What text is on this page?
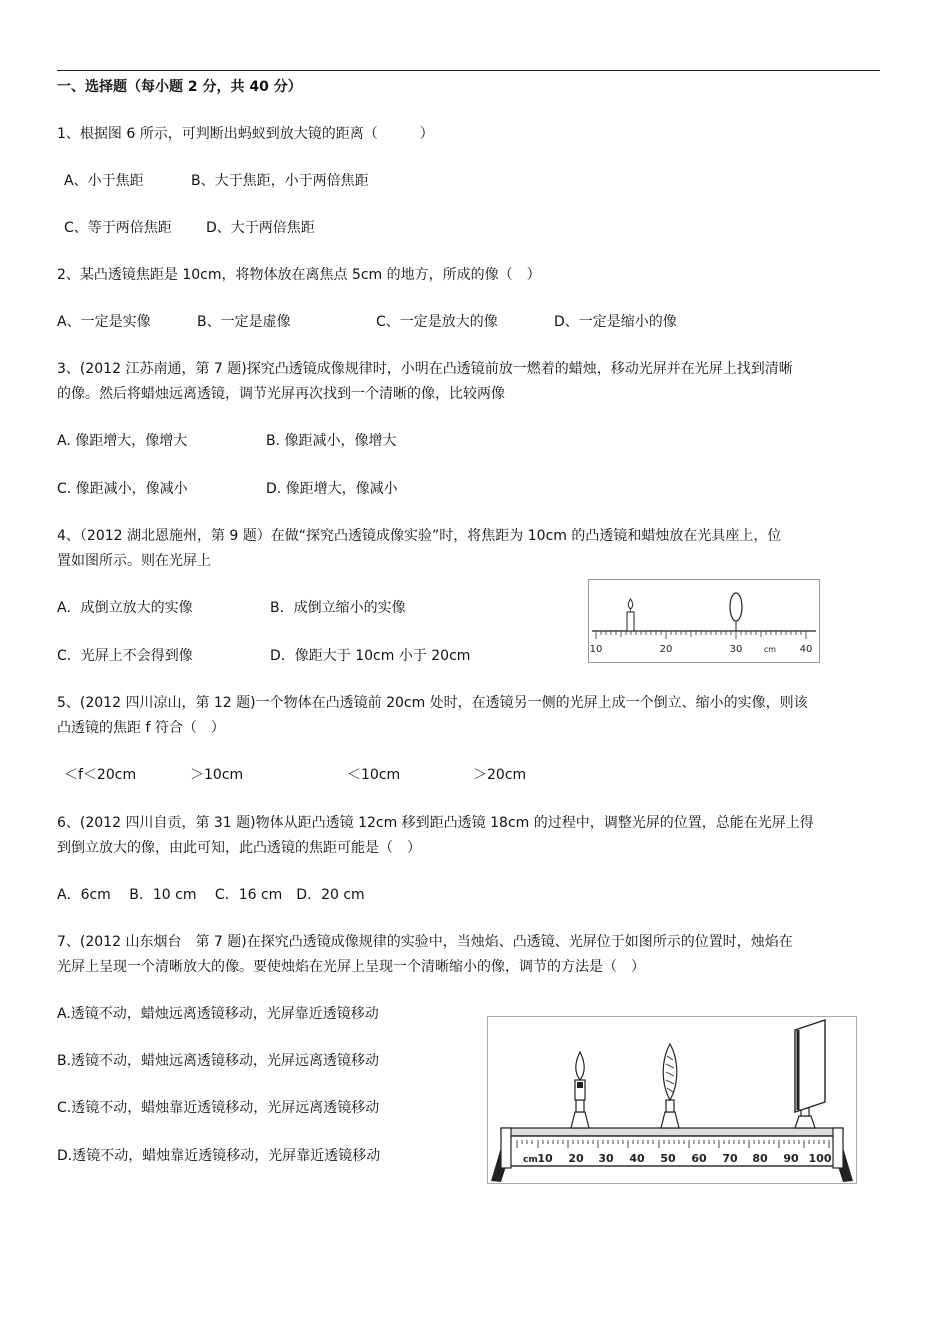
一、选择题（每小题 2 分，共 40 分）
1、根据图 6 所示，可判断出蚂蚁到放大镜的距离（　　　）
A、小于焦距	B、大于焦距，小于两倍焦距
C、等于两倍焦距 D、大于两倍焦距
2、某凸透镜焦距是 10cm，将物体放在离焦点 5cm 的地方，所成的像（　）
A、一定是实像	B、一定是虚像	C、一定是放大的像	D、一定是缩小的像
3、(2012 江苏南通，第 7 题)探究凸透镜成像规律时，小明在凸透镜前放一燃着的蜡烛，移动光屏并在光屏上找到清晰
的像。然后将蜡烛远离透镜，调节光屏再次找到一个清晰的像，比较两像
A. 像距增大，像增大	B. 像距减小，像增大
C. 像距减小，像减小	D. 像距增大，像减小
4、（2012 湖北恩施州，第 9 题）在做“探究凸透镜成像实验”时，将焦距为 10cm 的凸透镜和蜡烛放在光具座上，位
置如图所示。则在光屏上
A．成倒立放大的实像	B．成倒立缩小的实像
C．光屏上不会得到像	D．像距大于 10cm 小于 20cm	10	20	30	cm 40
5、(2012 四川凉山，第 12 题)一个物体在凸透镜前 20cm 处时，在透镜另一侧的光屏上成一个倒立、缩小的实像，则该
凸透镜的焦距 f 符合（　）
＜f＜20cm	＞10cm	＜10cm	＞20cm
6、(2012 四川自贡，第 31 题)物体从距凸透镜 12cm 移到距凸透镜 18cm 的过程中，调整光屏的位置，总能在光屏上得
到倒立放大的像，由此可知，此凸透镜的焦距可能是（　）
A．6cm　 B．10 cm　 C．16 cm　D．20 cm
7、(2012 山东烟台　第 7 题)在探究凸透镜成像规律的实验中，当烛焰、凸透镜、光屏位于如图所示的位置时，烛焰在
光屏上呈现一个清晰放大的像。要使烛焰在光屏上呈现一个清晰缩小的像，调节的方法是（　）
A.透镜不动，蜡烛远离透镜移动，光屏靠近透镜移动
B.透镜不动，蜡烛远离透镜移动，光屏远离透镜移动
C.透镜不动，蜡烛靠近透镜移动，光屏远离透镜移动
D.透镜不动，蜡烛靠近透镜移动，光屏靠近透镜移动	cm 10 20 30 40 50 60 70 80 90 100
